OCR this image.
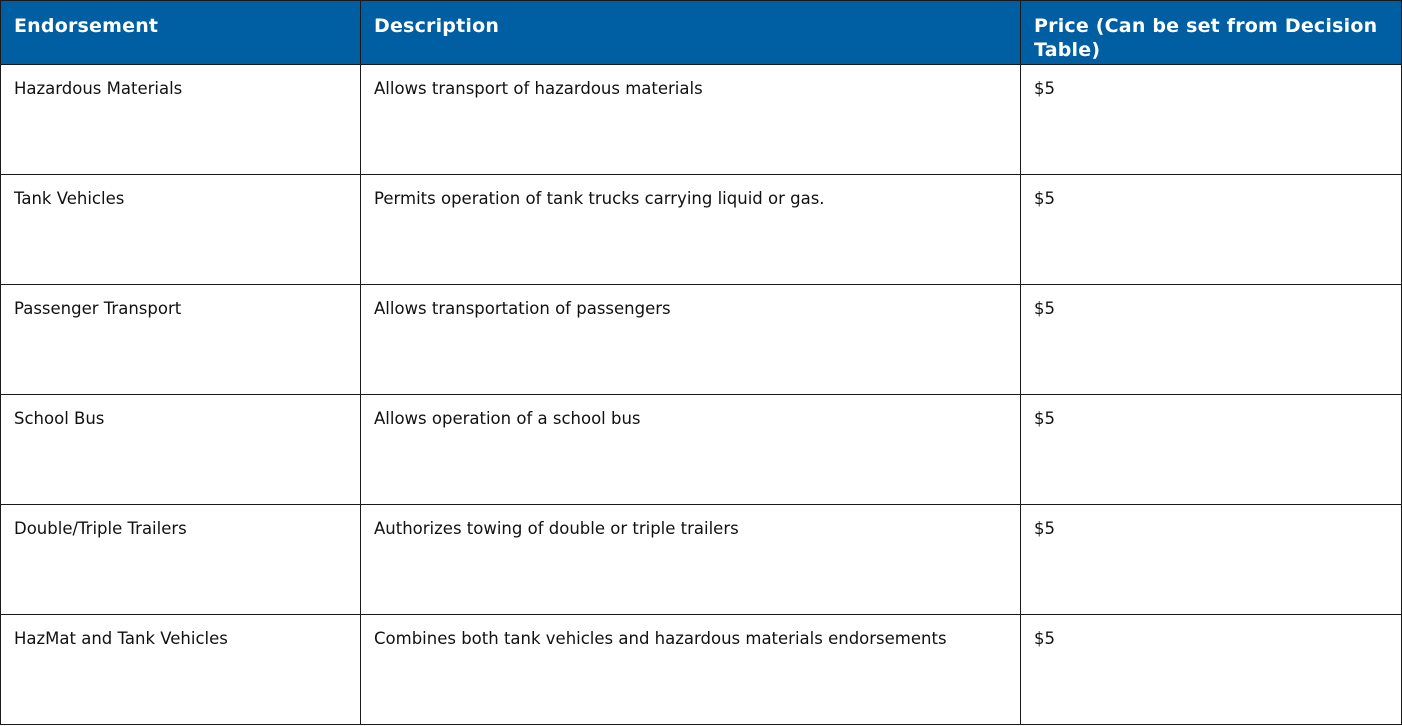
Endorsement	Description	Price (Can be set from Decision Table)
Hazardous Materials	Allows transport of hazardous materials	$5
Tank Vehicles	Permits operation of tank trucks carrying liquid or gas.	$5
Passenger Transport	Allows transportation of passengers	$5
School Bus	Allows operation of a school bus	$5
Double/Triple Trailers	Authorizes towing of double or triple trailers	$5
HazMat and Tank Vehicles	Combines both tank vehicles and hazardous materials endorsements	$5
